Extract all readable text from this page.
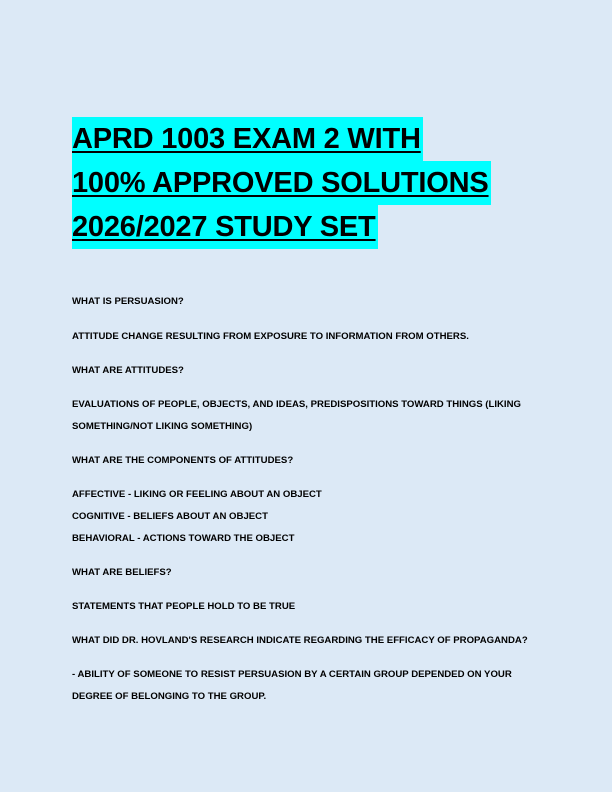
APRD 1003 EXAM 2 WITH
100% APPROVED SOLUTIONS
2026/2027 STUDY SET

WHAT IS PERSUASION?

ATTITUDE CHANGE RESULTING FROM EXPOSURE TO INFORMATION FROM OTHERS.

WHAT ARE ATTITUDES?

EVALUATIONS OF PEOPLE, OBJECTS, AND IDEAS, PREDISPOSITIONS TOWARD THINGS (LIKING
SOMETHING/NOT LIKING SOMETHING)

WHAT ARE THE COMPONENTS OF ATTITUDES?

AFFECTIVE - LIKING OR FEELING ABOUT AN OBJECT
COGNITIVE - BELIEFS ABOUT AN OBJECT
BEHAVIORAL - ACTIONS TOWARD THE OBJECT

WHAT ARE BELIEFS?

STATEMENTS THAT PEOPLE HOLD TO BE TRUE

WHAT DID DR. HOVLAND'S RESEARCH INDICATE REGARDING THE EFFICACY OF PROPAGANDA?

- ABILITY OF SOMEONE TO RESIST PERSUASION BY A CERTAIN GROUP DEPENDED ON YOUR
DEGREE OF BELONGING TO THE GROUP.
